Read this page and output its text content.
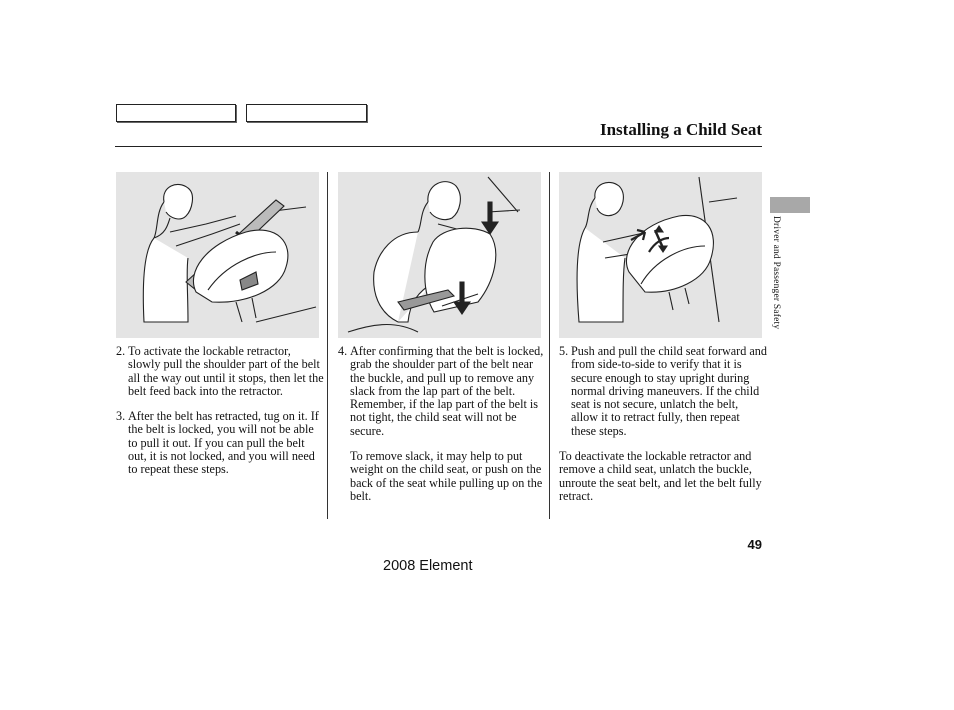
Installing a Child Seat
2. To activate the lockable retractor, slowly pull the shoulder part of the belt all the way out until it stops, then let the belt feed back into the retractor.
3. After the belt has retracted, tug on it. If the belt is locked, you will not be able to pull it out. If you can pull the belt out, it is not locked, and you will need to repeat these steps.
4. After confirming that the belt is locked, grab the shoulder part of the belt near the buckle, and pull up to remove any slack from the lap part of the belt. Remember, if the lap part of the belt is not tight, the child seat will not be secure.
To remove slack, it may help to put weight on the child seat, or push on the back of the seat while pulling up on the belt.
5. Push and pull the child seat forward and from side-to-side to verify that it is secure enough to stay upright during normal driving maneuvers. If the child seat is not secure, unlatch the belt, allow it to retract fully, then repeat these steps.
To deactivate the lockable retractor and remove a child seat, unlatch the buckle, unroute the seat belt, and let the belt fully retract.
Driver and Passenger Safety
49
2008 Element
